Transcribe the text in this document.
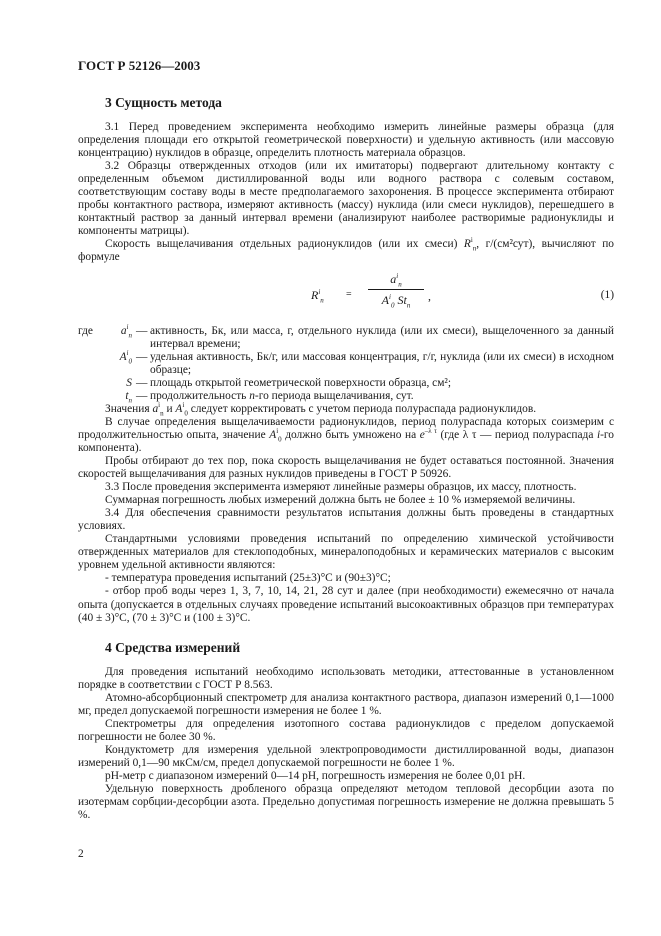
ГОСТ Р 52126—2003
3 Сущность метода

3.1 Перед проведением эксперимента необходимо измерить линейные размеры образца (для определения площади его открытой геометрической поверхности) и удельную активность (или массовую концентрацию) нуклидов в образце, определить плотность материала образцов.

3.2 Образцы отвержденных отходов (или их имитаторы) подвергают длительному контакту с определенным объемом дистиллированной воды или водного раствора с солевым составом, соответствующим составу воды в месте предполагаемого захоронения. В процессе эксперимента отбирают пробы контактного раствора, измеряют активность (массу) нуклида (или смеси нуклидов), перешедшего в контактный раствор за данный интервал времени (анализируют наиболее растворимые радионуклиды и компоненты матрицы).

Скорость выщелачивания отдельных радионуклидов (или их смеси) $R^i_n$, г/(см²сут), вычисляют по формуле

$R^i_n$
=
$a^i_n$
$A^i_0$ $St_n$
,	(1)
где	$a^i_n$ — активность, Бк, или масса, г, отдельного нуклида (или их смеси), выщелоченного за данный интервал времени;
$A^i_0$ — удельная активность, Бк/г, или массовая концентрация, г/г, нуклида (или их смеси) в исходном образце;
S — площадь открытой геометрической поверхности образца, см²;
$t_n$ — продолжительность n-го периода выщелачивания, сут.

Значения $a^i_n$ и $A^i_0$ следует корректировать с учетом периода полураспада радионуклидов.

В случае определения выщелачиваемости радионуклидов, период полураспада которых соизмерим с продолжительностью опыта, значение $A^i_0$ должно быть умножено на $e^{-\lambda \tau}$ (где λ τ — период полураспада i-го компонента).

Пробы отбирают до тех пор, пока скорость выщелачивания не будет оставаться постоянной. Значения скоростей выщелачивания для разных нуклидов приведены в ГОСТ Р 50926.

3.3 После проведения эксперимента измеряют линейные размеры образцов, их массу, плотность.

Суммарная погрешность любых измерений должна быть не более ± 10 % измеряемой величины.

3.4 Для обеспечения сравнимости результатов испытания должны быть проведены в стандартных условиях.

Стандартными условиями проведения испытаний по определению химической устойчивости отвержденных материалов для стеклоподобных, минералоподобных и керамических материалов с высоким уровнем удельной активности являются:

- температура проведения испытаний (25±3)°С и (90±3)°С;

- отбор проб воды через 1, 3, 7, 10, 14, 21, 28 сут и далее (при необходимости) ежемесячно от начала опыта (допускается в отдельных случаях проведение испытаний высокоактивных образцов при температурах (40 ± 3)°С, (70 ± 3)°С и (100 ± 3)°С.

4 Средства измерений

Для проведения испытаний необходимо использовать методики, аттестованные в установленном порядке в соответствии с ГОСТ Р 8.563.

Атомно-абсорбционный спектрометр для анализа контактного раствора, диапазон измерений 0,1—1000 мг, предел допускаемой погрешности измерения не более 1 %.

Спектрометры для определения изотопного состава радионуклидов с пределом допускаемой погрешности не более 30 %.

Кондуктометр для измерения удельной электропроводимости дистиллированной воды, диапазон измерений 0,1—90 мкСм/см, предел допускаемой погрешности не более 1 %.

рН-метр с диапазоном измерений 0—14 рН, погрешность измерения не более 0,01 рН.

Удельную поверхность дробленого образца определяют методом тепловой десорбции азота по изотермам сорбции-десорбции азота. Предельно допустимая погрешность измерение не должна превышать 5 %.

2
